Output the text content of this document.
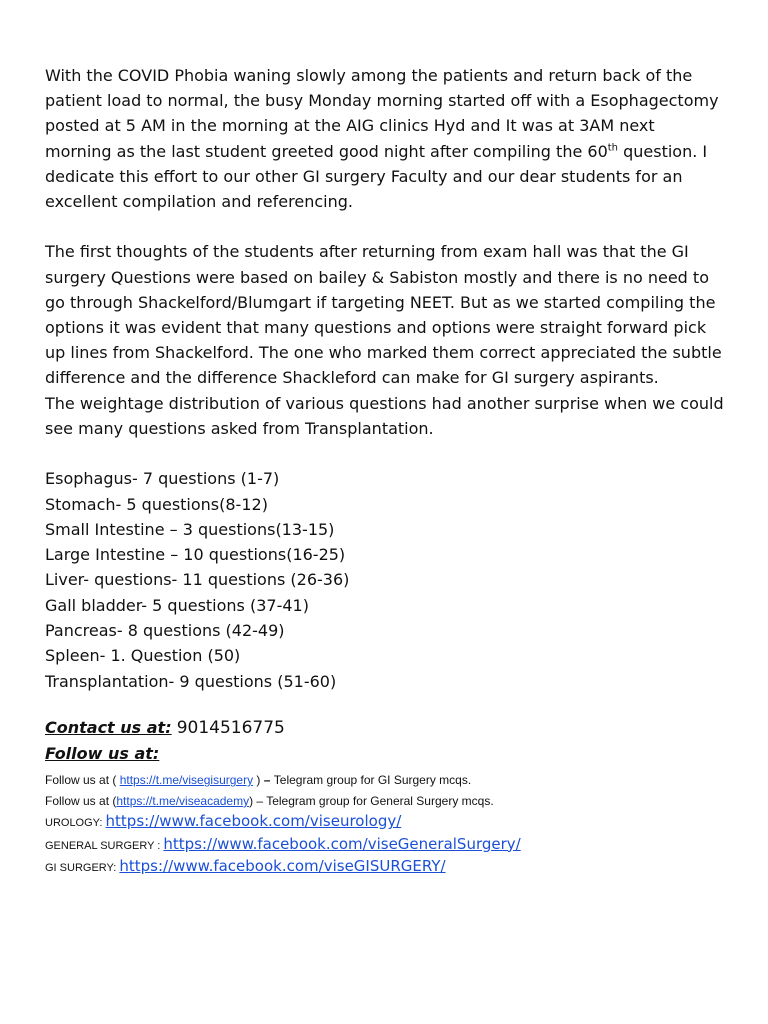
With the COVID Phobia waning slowly among the patients and return back of the patient load to normal, the busy Monday morning started off with a Esophagectomy posted at 5 AM in the morning at the AIG clinics Hyd and It was at 3AM next morning as the last student greeted good night after compiling the 60th question. I dedicate this effort to our other GI surgery Faculty and our dear students for an excellent compilation and referencing.

The first thoughts of the students after returning from exam hall was that the GI surgery Questions were based on bailey & Sabiston mostly and there is no need to go through Shackelford/Blumgart if targeting NEET. But as we started compiling the options it was evident that many questions and options were straight forward pick up lines from Shackelford. The one who marked them correct appreciated the subtle difference and the difference Shackleford can make for GI surgery aspirants.

The weightage distribution of various questions had another surprise when we could see many questions asked from Transplantation.

Esophagus- 7 questions (1-7)
Stomach- 5 questions(8-12)
Small Intestine – 3 questions(13-15)
Large Intestine – 10 questions(16-25)
Liver- questions- 11 questions (26-36)
Gall bladder- 5 questions (37-41)
Pancreas- 8 questions (42-49)
Spleen- 1. Question (50)
Transplantation- 9 questions (51-60)
Contact us at: 9014516775
Follow us at:
Follow us at ( https://t.me/visegisurgery ) – Telegram group for GI Surgery mcqs.
Follow us at (https://t.me/viseacademy) – Telegram group for General Surgery mcqs.
UROLOGY: https://www.facebook.com/viseurology/
GENERAL SURGERY : https://www.facebook.com/viseGeneralSurgery/
GI SURGERY: https://www.facebook.com/viseGISURGERY/
